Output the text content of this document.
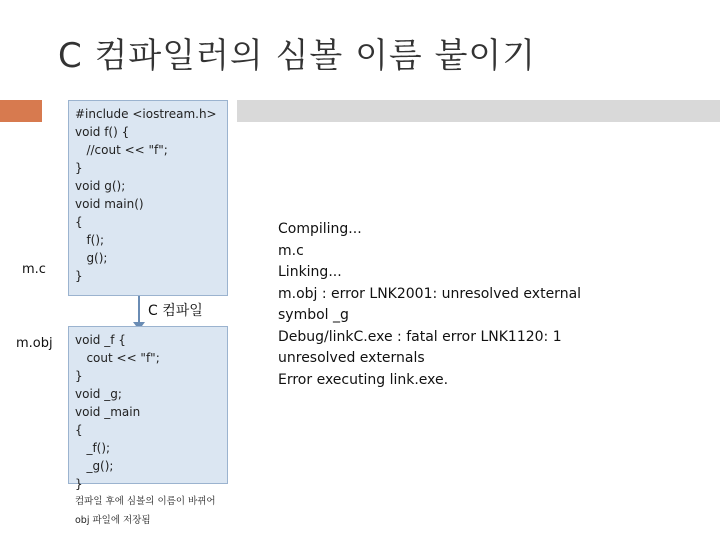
C 컴파일러의 심볼 이름 붙이기
#include <iostream.h>
void f() {
//cout << "f";
}
void g();
void main()
{
f();
g();
}
m.c
C 컴파일
m.obj void _f {
cout << "f";
}
void _g;
void _main
{
_f();
_g();
}
컴파일 후에 심볼의 이름이 바뀌어
obj 파일에 저장됨
Compiling...
m.c
Linking...
m.obj : error LNK2001: unresolved external
symbol _g
Debug/linkC.exe : fatal error LNK1120: 1
unresolved externals
Error executing link.exe.
